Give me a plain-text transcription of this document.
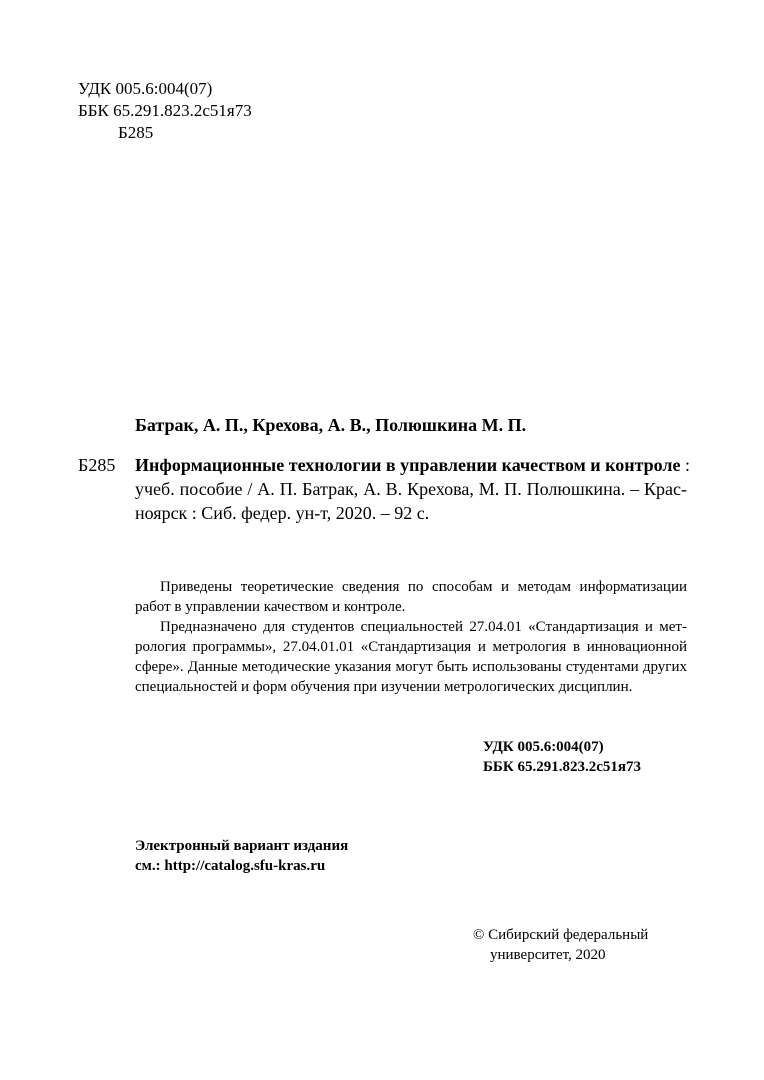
УДК 005.6:004(07)
ББК 65.291.823.2с51я73
Б285
Батрак, А. П., Крехова, А. В., Полюшкина М. П.
Б285 Информационные технологии в управлении качеством и контроле :
учеб. пособие / А. П. Батрак, А. В. Крехова, М. П. Полюшкина. – Крас-
ноярск : Сиб. федер. ун-т, 2020. – 92 с.
Приведены теоретические сведения по способам и методам информатизации
работ в управлении качеством и контроле.
Предназначено для студентов специальностей 27.04.01 «Стандартизация и мет-
рология программы», 27.04.01.01 «Стандартизация и метрология в инновационной
сфере». Данные методические указания могут быть использованы студентами других
специальностей и форм обучения при изучении метрологических дисциплин.
УДК 005.6:004(07)
ББК 65.291.823.2с51я73
Электронный вариант издания
см.: http://catalog.sfu-kras.ru
© Сибирский федеральный
университет, 2020
